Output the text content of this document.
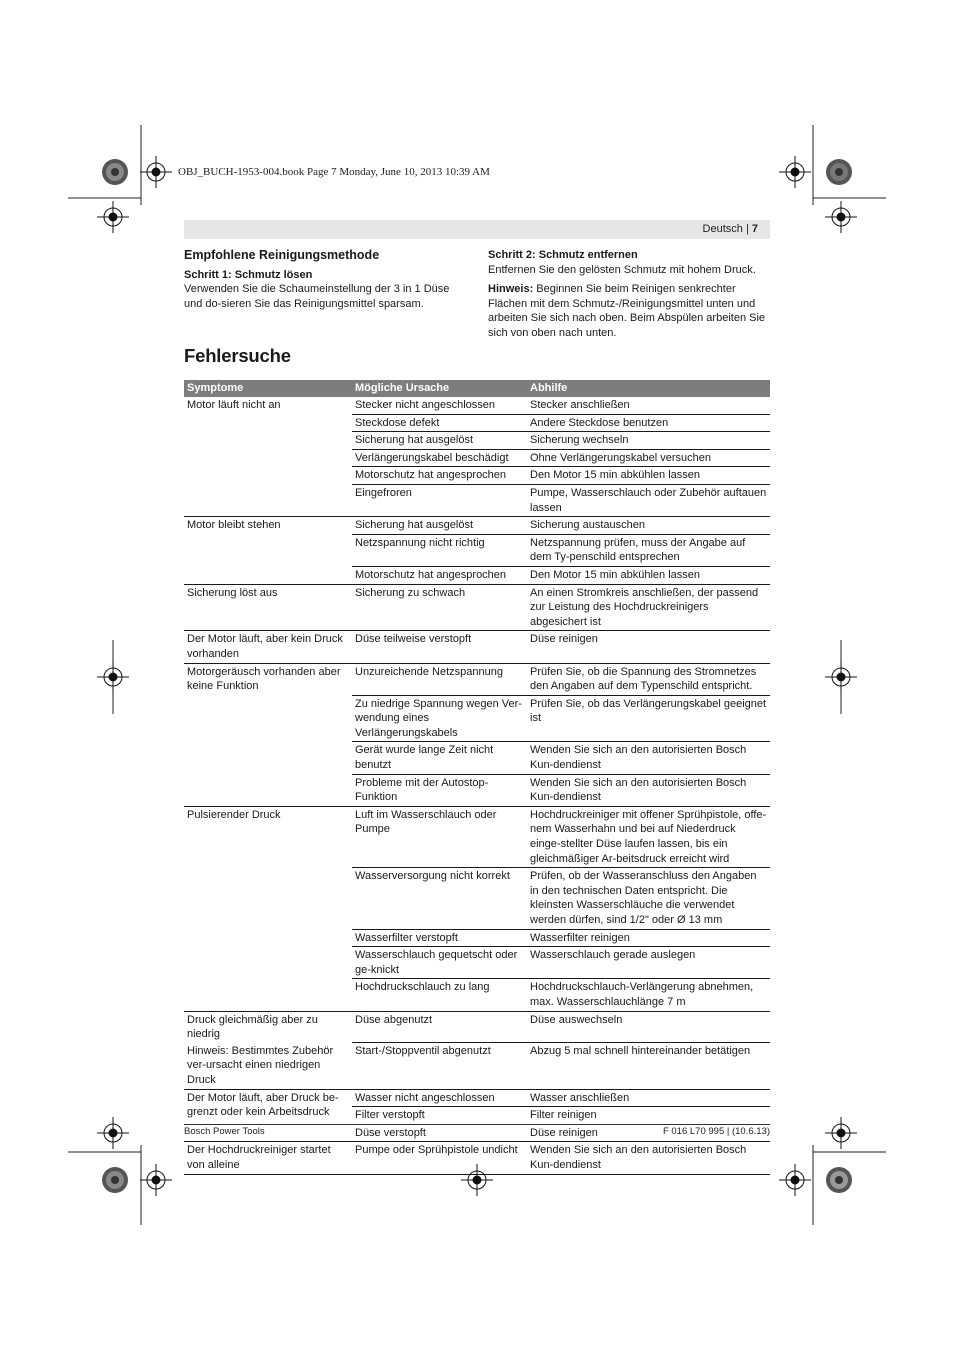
OBJ_BUCH-1953-004.book Page 7 Monday, June 10, 2013 10:39 AM
Deutsch | 7
Empfohlene Reinigungsmethode
Schritt 1: Schmutz lösen

Verwenden Sie die Schaumeinstellung der 3 in 1 Düse und do-sieren Sie das Reinigungsmittel sparsam.

Schritt 2: Schmutz entfernen

Entfernen Sie den gelösten Schmutz mit hohem Druck.

Hinweis: Beginnen Sie beim Reinigen senkrechter Flächen mit dem Schmutz-/Reinigungsmittel unten und arbeiten Sie sich nach oben. Beim Abspülen arbeiten Sie sich von oben nach unten.

Fehlersuche
Symptome	Mögliche Ursache	Abhilfe
Motor läuft nicht an	Stecker nicht angeschlossen	Stecker anschließen
	Steckdose defekt	Andere Steckdose benutzen
	Sicherung hat ausgelöst	Sicherung wechseln
	Verlängerungskabel beschädigt	Ohne Verlängerungskabel versuchen
	Motorschutz hat angesprochen	Den Motor 15 min abkühlen lassen
	Eingefroren	Pumpe, Wasserschlauch oder Zubehör auftauen lassen
Motor bleibt stehen	Sicherung hat ausgelöst	Sicherung austauschen
	Netzspannung nicht richtig	Netzspannung prüfen, muss der Angabe auf dem Ty-penschild entsprechen
	Motorschutz hat angesprochen	Den Motor 15 min abkühlen lassen
Sicherung löst aus	Sicherung zu schwach	An einen Stromkreis anschließen, der passend zur Leistung des Hochdruckreinigers abgesichert ist
Der Motor läuft, aber kein Druck vorhanden	Düse teilweise verstopft	Düse reinigen
Motorgeräusch vorhanden aber keine Funktion	Unzureichende Netzspannung	Prüfen Sie, ob die Spannung des Stromnetzes den Angaben auf dem Typenschild entspricht.
	Zu niedrige Spannung wegen Ver-wendung eines Verlängerungskabels	Prüfen Sie, ob das Verlängerungskabel geeignet ist
	Gerät wurde lange Zeit nicht benutzt	Wenden Sie sich an den autorisierten Bosch Kun-dendienst
	Probleme mit der Autostop-Funktion	Wenden Sie sich an den autorisierten Bosch Kun-dendienst
Pulsierender Druck	Luft im Wasserschlauch oder Pumpe	Hochdruckreiniger mit offener Sprühpistole, offe-nem Wasserhahn und bei auf Niederdruck einge-stellter Düse laufen lassen, bis ein gleichmäßiger Ar-beitsdruck erreicht wird
	Wasserversorgung nicht korrekt	Prüfen, ob der Wasseranschluss den Angaben in den technischen Daten entspricht. Die kleinsten Wasserschläuche die verwendet werden dürfen, sind 1/2" oder Ø 13 mm
	Wasserfilter verstopft	Wasserfilter reinigen
	Wasserschlauch gequetscht oder ge-knickt	Wasserschlauch gerade auslegen
	Hochdruckschlauch zu lang	Hochdruckschlauch-Verlängerung abnehmen, max. Wasserschlauchlänge 7 m
Druck gleichmäßig aber zu niedrig	Düse abgenutzt	Düse auswechseln
Hinweis: Bestimmtes Zubehör ver-ursacht einen niedrigen Druck	Start-/Stoppventil abgenutzt	Abzug 5 mal schnell hintereinander betätigen
Der Motor läuft, aber Druck be-grenzt oder kein Arbeitsdruck	Wasser nicht angeschlossen	Wasser anschließen
	Filter verstopft	Filter reinigen
	Düse verstopft	Düse reinigen
Der Hochdruckreiniger startet von alleine	Pumpe oder Sprühpistole undicht	Wenden Sie sich an den autorisierten Bosch Kun-dendienst
Bosch Power Tools	F 016 L70 995 | (10.6.13)
